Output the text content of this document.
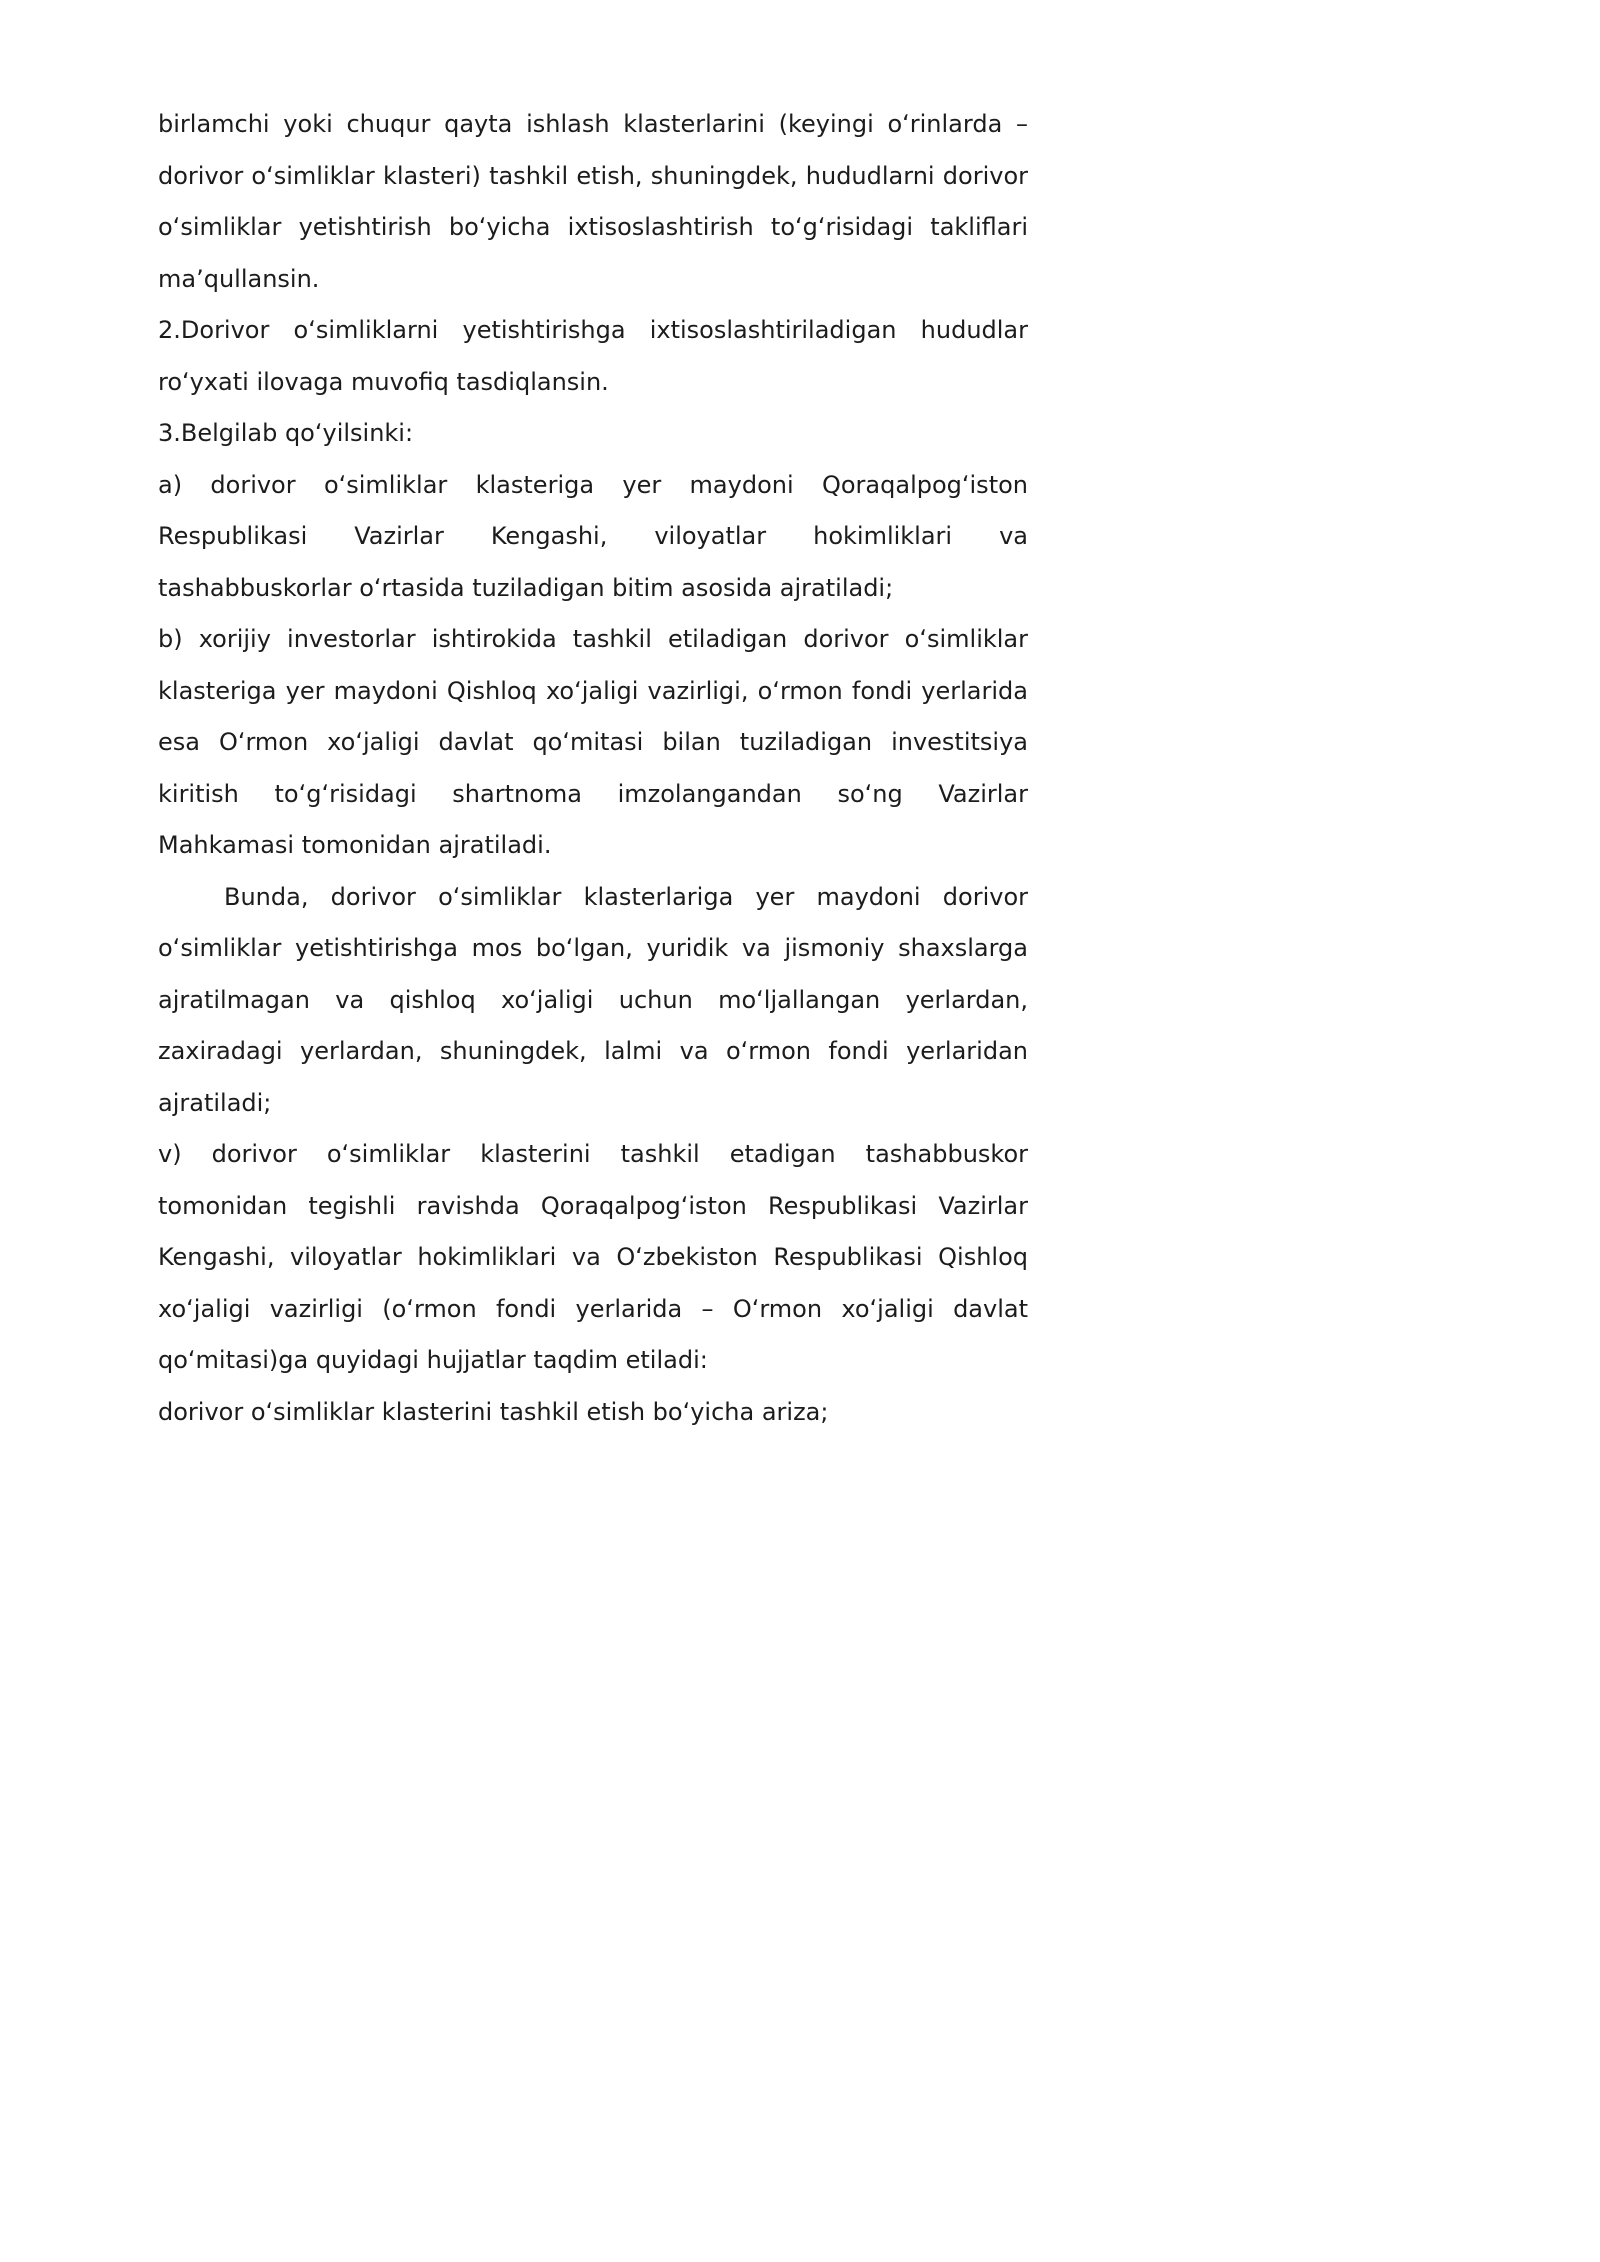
birlamchi yoki chuqur qayta ishlash klasterlarini (keyingi oʻrinlarda – dorivor oʻsimliklar klasteri) tashkil etish, shuningdek, hududlarni dorivor oʻsimliklar yetishtirish boʻyicha ixtisoslashtirish toʻgʻrisidagi takliflari maʼqullansin.

2.Dorivor oʻsimliklarni yetishtirishga ixtisoslashtiriladigan hududlar roʻyxati ilovaga muvofiq tasdiqlansin.

3.Belgilab qoʻyilsinki:

a) dorivor oʻsimliklar klasteriga yer maydoni Qoraqalpogʻiston Respublikasi Vazirlar Kengashi, viloyatlar hokimliklari va tashabbuskorlar oʻrtasida tuziladigan bitim asosida ajratiladi;

b) xorijiy investorlar ishtirokida tashkil etiladigan dorivor oʻsimliklar klasteriga yer maydoni Qishloq xoʻjaligi vazirligi, oʻrmon fondi yerlarida esa Oʻrmon xoʻjaligi davlat qoʻmitasi bilan tuziladigan investitsiya kiritish toʻgʻrisidagi shartnoma imzolangandan soʻng Vazirlar Mahkamasi tomonidan ajratiladi.

Bunda, dorivor oʻsimliklar klasterlariga yer maydoni dorivor oʻsimliklar yetishtirishga mos boʻlgan, yuridik va jismoniy shaxslarga ajratilmagan va qishloq xoʻjaligi uchun moʻljallangan yerlardan, zaxiradagi yerlardan, shuningdek, lalmi va oʻrmon fondi yerlaridan ajratiladi;

v) dorivor oʻsimliklar klasterini tashkil etadigan tashabbuskor tomonidan tegishli ravishda Qoraqalpogʻiston Respublikasi Vazirlar Kengashi, viloyatlar hokimliklari va Oʻzbekiston Respublikasi Qishloq xoʻjaligi vazirligi (oʻrmon fondi yerlarida – Oʻrmon xoʻjaligi davlat qoʻmitasi)ga quyidagi hujjatlar taqdim etiladi:

dorivor oʻsimliklar klasterini tashkil etish boʻyicha ariza;
